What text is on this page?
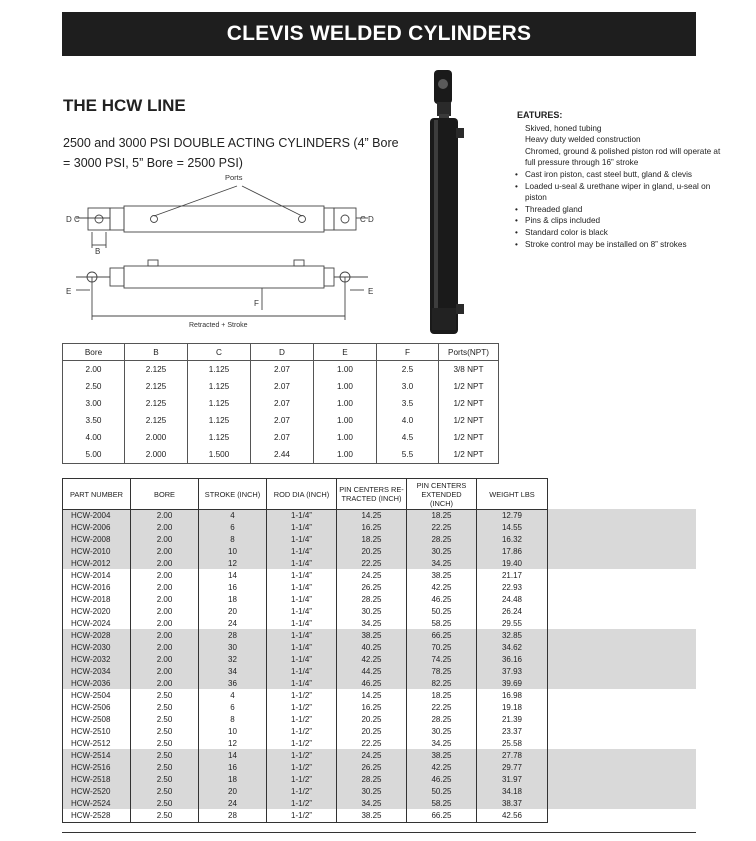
CLEVIS WELDED CYLINDERS
THE HCW LINE
2500 and 3000 PSI DOUBLE ACTING CYLINDERS (4” Bore = 3000 PSI, 5” Bore = 2500 PSI)
Ports
C
D	C D
B
E	E
F
Retracted + Stroke
EATURES:
Skived, honed tubing
Heavy duty welded construction
Chromed, ground & polished piston rod will operate at full pressure through 16” stroke
• Cast iron piston, cast steel butt, gland & clevis
• Loaded u-seal & urethane wiper in gland, u-seal on piston
• Threaded gland
• Pins & clips included
• Standard color is black
• Stroke control may be installed on 8” strokes
Bore	B	C	D	E	F	Ports(NPT)
2.00	2.125	1.125	2.07	1.00	2.5	3/8 NPT
2.50	2.125	1.125	2.07	1.00	3.0	1/2 NPT
3.00	2.125	1.125	2.07	1.00	3.5	1/2 NPT
3.50	2.125	1.125	2.07	1.00	4.0	1/2 NPT
4.00	2.000	1.125	2.07	1.00	4.5	1/2 NPT
5.00	2.000	1.500	2.44	1.00	5.5	1/2 NPT
PART NUMBER	BORE	STROKE (INCH)	ROD DIA (INCH)	PIN CENTERS RE-TRACTED (INCH)	PIN CENTERS EXTENDED (INCH)	WEIGHT LBS
HCW-2004	2.00	4	1-1/4”	14.25	18.25	12.79
HCW-2006	2.00	6	1-1/4”	16.25	22.25	14.55
HCW-2008	2.00	8	1-1/4”	18.25	28.25	16.32
HCW-2010	2.00	10	1-1/4”	20.25	30.25	17.86
HCW-2012	2.00	12	1-1/4”	22.25	34.25	19.40
HCW-2014	2.00	14	1-1/4”	24.25	38.25	21.17
HCW-2016	2.00	16	1-1/4”	26.25	42.25	22.93
HCW-2018	2.00	18	1-1/4”	28.25	46.25	24.48
HCW-2020	2.00	20	1-1/4”	30.25	50.25	26.24
HCW-2024	2.00	24	1-1/4”	34.25	58.25	29.55
HCW-2028	2.00	28	1-1/4”	38.25	66.25	32.85
HCW-2030	2.00	30	1-1/4”	40.25	70.25	34.62
HCW-2032	2.00	32	1-1/4”	42.25	74.25	36.16
HCW-2034	2.00	34	1-1/4”	44.25	78.25	37.93
HCW-2036	2.00	36	1-1/4”	46.25	82.25	39.69
HCW-2504	2.50	4	1-1/2”	14.25	18.25	16.98
HCW-2506	2.50	6	1-1/2”	16.25	22.25	19.18
HCW-2508	2.50	8	1-1/2”	20.25	28.25	21.39
HCW-2510	2.50	10	1-1/2”	20.25	30.25	23.37
HCW-2512	2.50	12	1-1/2”	22.25	34.25	25.58
HCW-2514	2.50	14	1-1/2”	24.25	38.25	27.78
HCW-2516	2.50	16	1-1/2”	26.25	42.25	29.77
HCW-2518	2.50	18	1-1/2”	28.25	46.25	31.97
HCW-2520	2.50	20	1-1/2”	30.25	50.25	34.18
HCW-2524	2.50	24	1-1/2”	34.25	58.25	38.37
HCW-2528	2.50	28	1-1/2”	38.25	66.25	42.56
